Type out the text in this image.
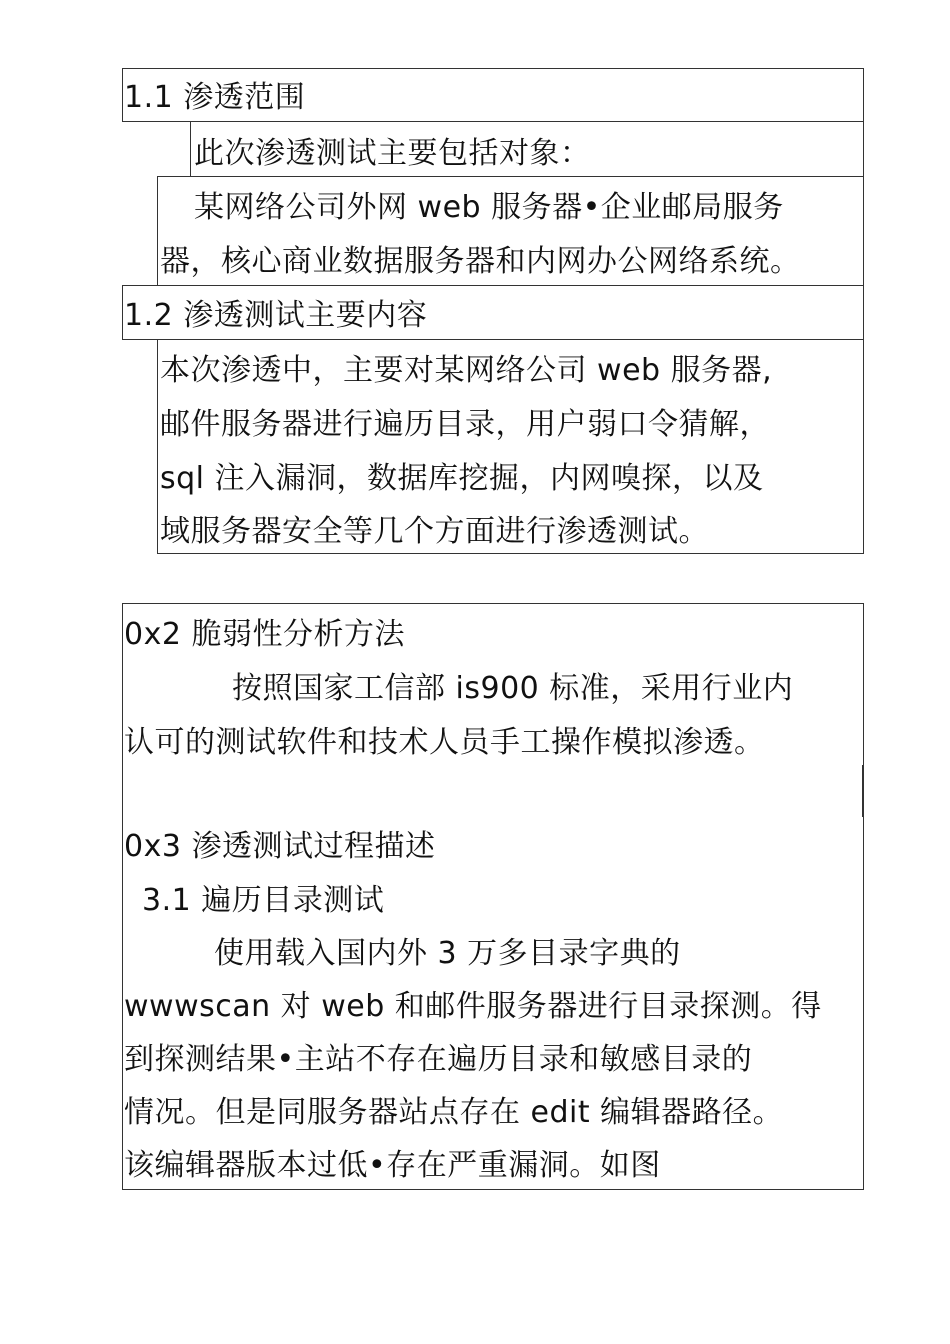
1.1 渗透范围
此次渗透测试主要包括对象：
某网络公司外网 web 服务器•企业邮局服务
器，核心商业数据服务器和内网办公网络系统。
1.2 渗透测试主要内容
本次渗透中，主要对某网络公司 web 服务器,
邮件服务器进行遍历目录，用户弱口令猜解，
sql 注入漏洞，数据库挖掘，内网嗅探，以及
域服务器安全等几个方面进行渗透测试。
0x2 脆弱性分析方法
按照国家工信部 is900 标准，采用行业内
认可的测试软件和技术人员手工操作模拟渗透。
0x3 渗透测试过程描述
3.1 遍历目录测试
使用载入国内外 3 万多目录字典的
wwwscan 对 web 和邮件服务器进行目录探测。得
到探测结果•主站不存在遍历目录和敏感目录的
情况。但是同服务器站点存在 edit 编辑器路径。
该编辑器版本过低•存在严重漏洞。如图
